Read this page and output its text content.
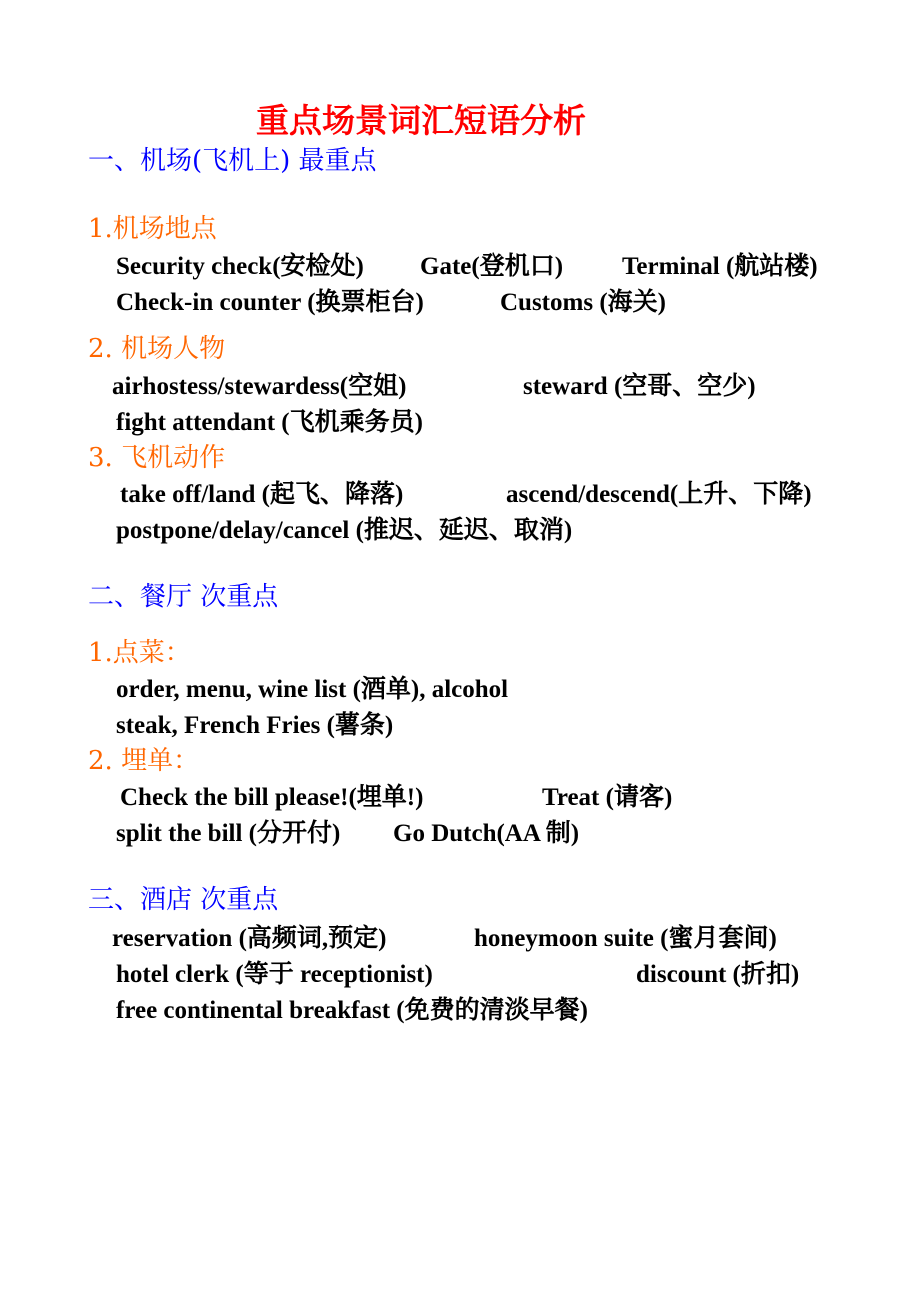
重点场景词汇短语分析
一、机场(飞机上) 最重点
1.机场地点
Security check(安检处) Gate(登机口) Terminal (航站楼)
Check-in counter (换票柜台)	Customs (海关)
2. 机场人物
airhostess/stewardess(空姐)	steward (空哥、空少)
fight attendant (飞机乘务员)
3. 飞机动作
take off/land (起飞、降落)	ascend/descend(上升、下降)
postpone/delay/cancel (推迟、延迟、取消)
二、餐厅 次重点
1.点菜：
order, menu, wine list (酒单), alcohol
steak, French Fries (薯条)
2. 埋单：
Check the bill please!(埋单!)	Treat (请客)
split the bill (分开付) Go Dutch(AA 制)
三、酒店 次重点
reservation (高频词,预定)	honeymoon suite (蜜月套间)
hotel clerk (等于 receptionist)	discount (折扣)
free continental breakfast (免费的清淡早餐)
